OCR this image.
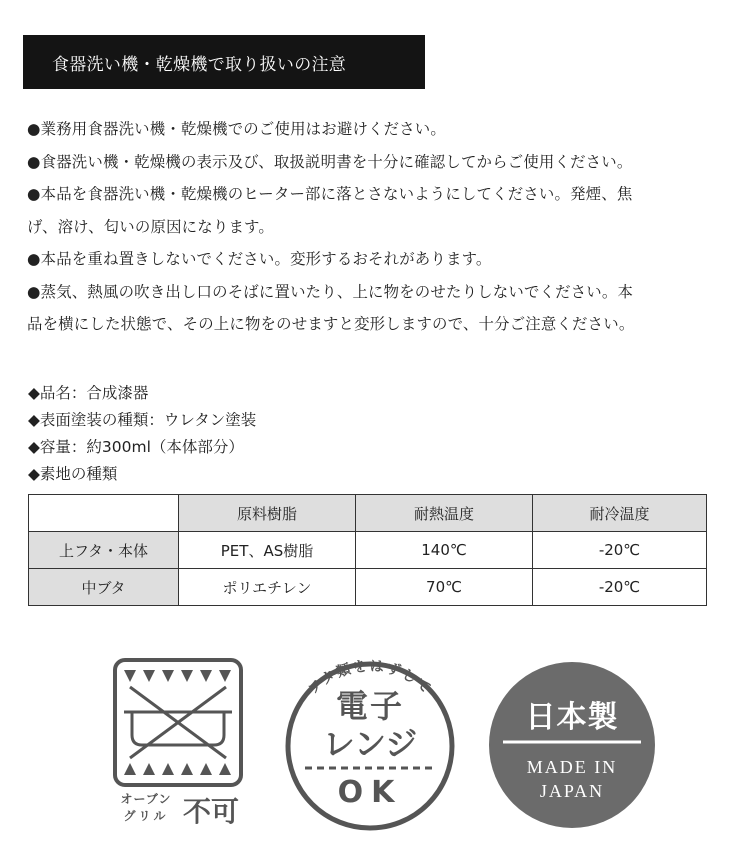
食器洗い機・乾燥機で取り扱いの注意

●業務用食器洗い機・乾燥機でのご使用はお避けください。

●食器洗い機・乾燥機の表示及び、取扱説明書を十分に確認してからご使用ください。

●本品を食器洗い機・乾燥機のヒーター部に落とさないようにしてください。発煙、焦

げ、溶け、匂いの原因になります。

●本品を重ね置きしないでください。変形するおそれがあります。

●蒸気、熱風の吹き出し口のそばに置いたり、上に物をのせたりしないでください。本

品を横にした状態で、その上に物をのせますと変形しますので、十分ご注意ください。

◆品名：合成漆器

◆表面塗装の種類：ウレタン塗装

◆容量：約300ml（本体部分）

◆素地の種類

	原料樹脂	耐熱温度	耐冷温度
上フタ・本体	PET、AS樹脂	140℃	-20℃
中ブタ	ポリエチレン	70℃	-20℃
オーブン
グリル 不可
フタ類をはずして
電子
レンジ
OK
日本製
MADE IN
JAPAN
